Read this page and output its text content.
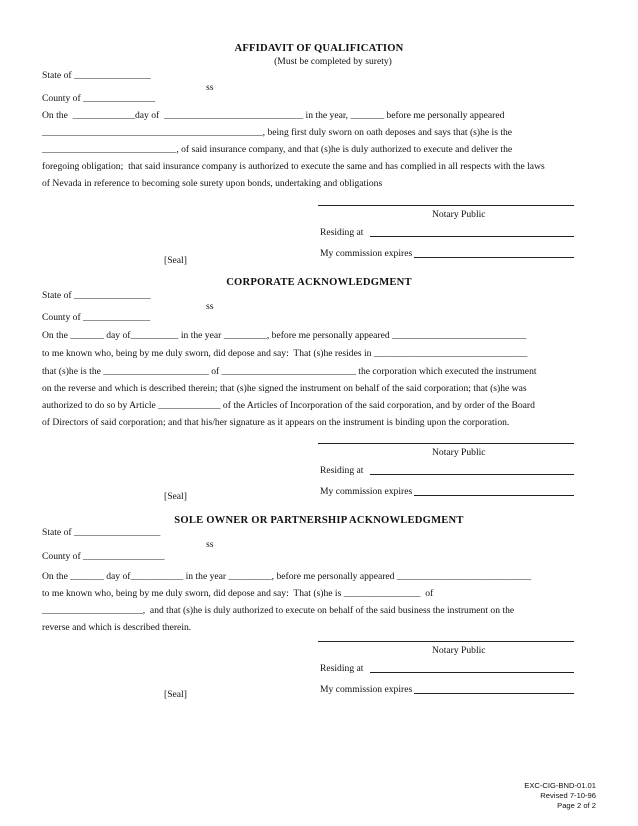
AFFIDAVIT OF QUALIFICATION
(Must be completed by surety)
State of ________________
ss
County of _______________
On the  _____________day of  _____________________________ in the year, _______ before me personally appeared
______________________________________________, being first duly sworn on oath deposes and says that (s)he is the
____________________________, of said insurance company, and that (s)he is duly authorized to execute and deliver the
foregoing obligation;  that said insurance company is authorized to execute the same and has complied in all respects with the laws
of Nevada in reference to becoming sole surety upon bonds, undertaking and obligations
Notary Public
Residing at
My commission expires
[Seal]
CORPORATE ACKNOWLEDGMENT
State of ________________
ss
County of ______________
On the _______ day of__________ in the year _________, before me personally appeared ____________________________
to me known who, being by me duly sworn, did depose and say:  That (s)he resides in ________________________________
that (s)he is the ______________________ of ____________________________ the corporation which executed the instrument
on the reverse and which is described therein; that (s)he signed the instrument on behalf of the said corporation; that (s)he was
authorized to do so by Article _____________ of the Articles of Incorporation of the said corporation, and by order of the Board
of Directors of said corporation; and that his/her signature as it appears on the instrument is binding upon the corporation.
Notary Public
Residing at
My commission expires
[Seal]
SOLE OWNER OR PARTNERSHIP ACKNOWLEDGMENT
State of __________________
ss
County of _________________
On the _______ day of___________ in the year _________, before me personally appeared ____________________________
to me known who, being by me duly sworn, did depose and say:  That (s)he is ________________  of
_____________________,  and that (s)he is duly authorized to execute on behalf of the said business the instrument on the
reverse and which is described therein.
Notary Public
Residing at
My commission expires
[Seal]
EXC-CIG-BND-01.01
Revised 7-10-96
Page 2 of 2
